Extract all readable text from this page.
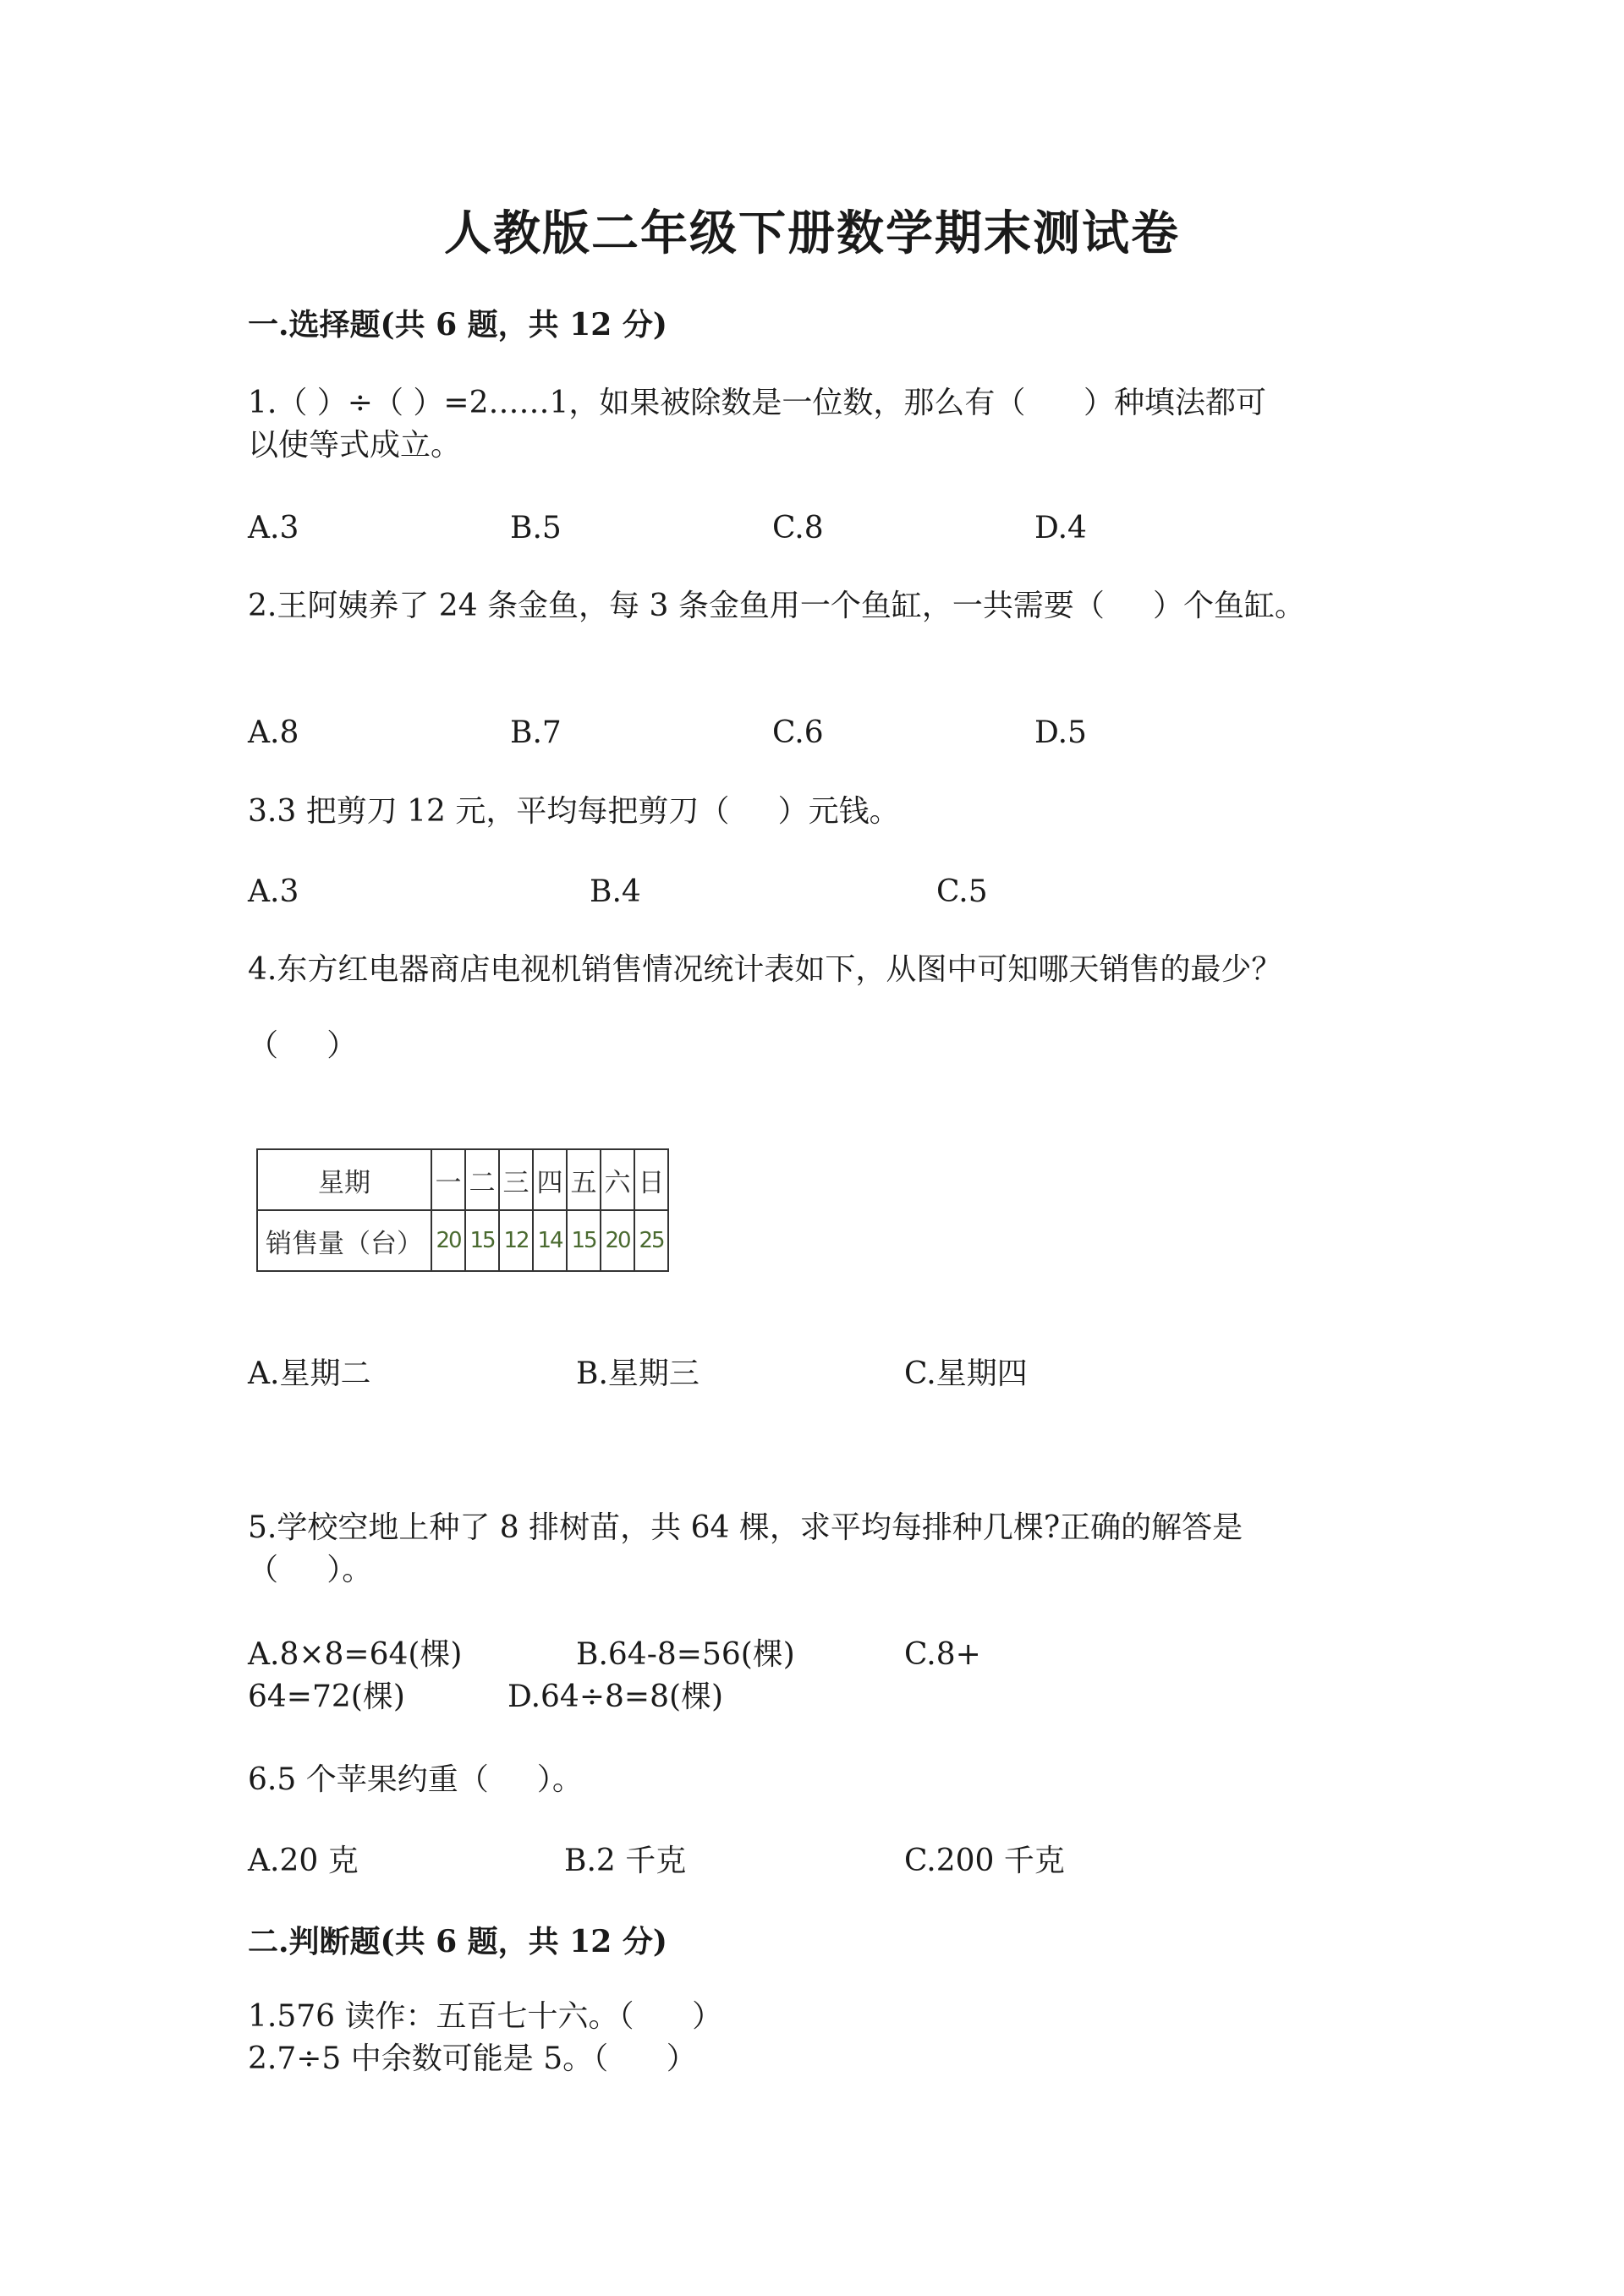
人教版二年级下册数学期末测试卷
一.选择题(共 6 题，共 12 分)
1.（ ）÷（ ）=2……1，如果被除数是一位数，那么有（      ）种填法都可
以使等式成立。
A.3	B.5	C.8	D.4
2.王阿姨养了 24 条金鱼，每 3 条金鱼用一个鱼缸，一共需要（     ）个鱼缸。
A.8	B.7	C.6	D.5
3.3 把剪刀 12 元，平均每把剪刀（     ）元钱。
A.3	B.4	C.5
4.东方红电器商店电视机销售情况统计表如下，从图中可知哪天销售的最少？
（     ）
星期	一	二	三	四	五	六	日
销售量（台）	20	15	12	14	15	20	25
A.星期二	B.星期三	C.星期四
5.学校空地上种了 8 排树苗，共 64 棵，求平均每排种几棵?正确的解答是
（     ）。
A.8×8=64(棵)	B.64-8=56(棵)	C.8+
64=72(棵)	D.64÷8=8(棵)
6.5 个苹果约重（     ）。
A.20 克	B.2 千克	C.200 千克
二.判断题(共 6 题，共 12 分)
1.576 读作：五百七十六。（      ）
2.7÷5 中余数可能是 5。（      ）
